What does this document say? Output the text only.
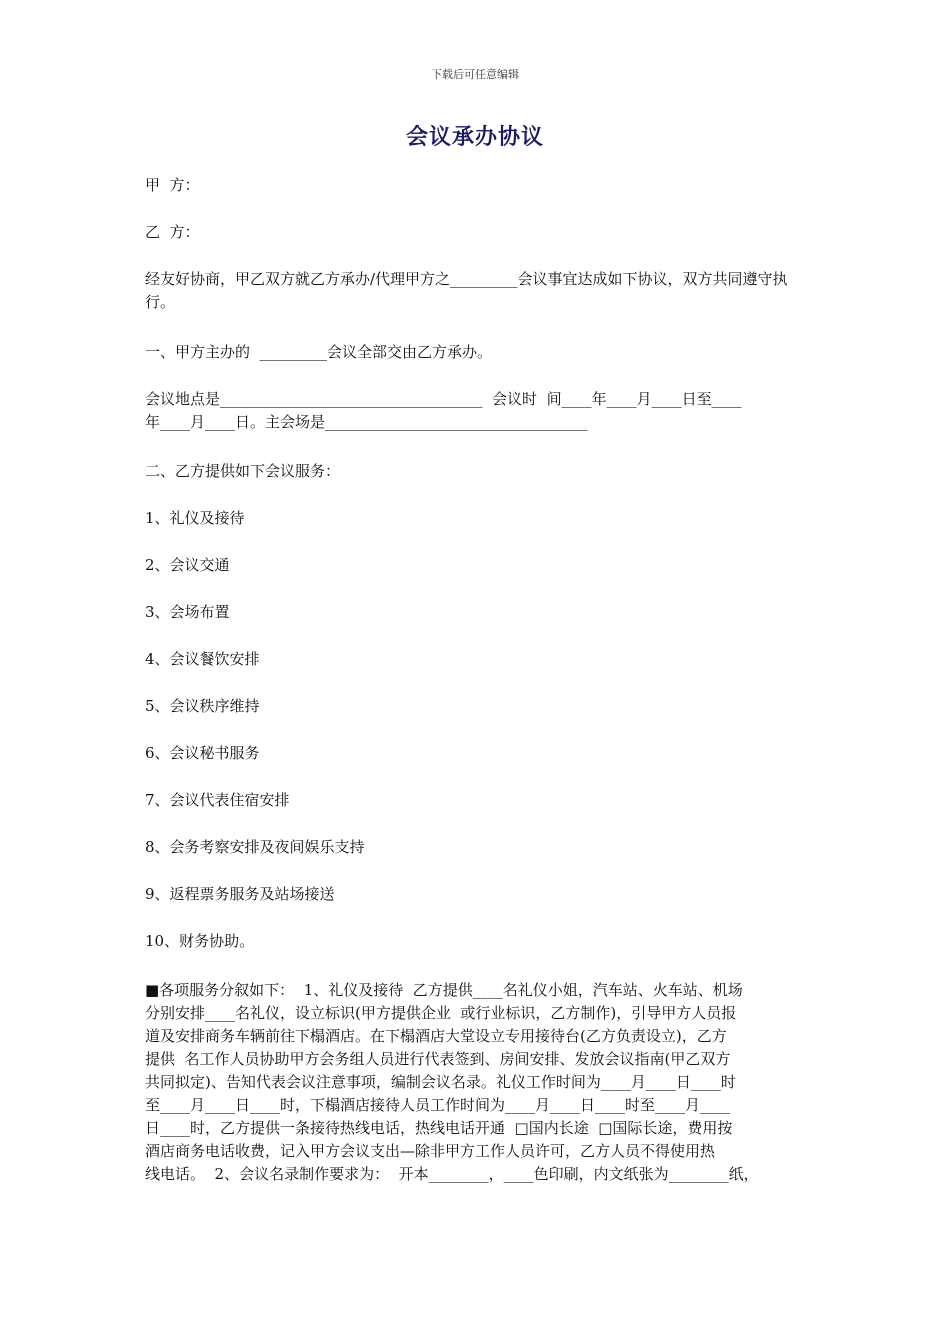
下载后可任意编辑
会议承办协议

甲  方：

乙  方：

经友好协商，甲乙双方就乙方承办/代理甲方之_________会议事宜达成如下协议，双方共同遵守执行。

一、甲方主办的  _________会议全部交由乙方承办。

会议地点是___________________________________  会议时  间____年____月____日至____

年____月____日。主会场是___________________________________

二、乙方提供如下会议服务：

1、礼仪及接待

2、会议交通

3、会场布置

4、会议餐饮安排

5、会议秩序维持

6、会议秘书服务

7、会议代表住宿安排

8、会务考察安排及夜间娱乐支持

9、返程票务服务及站场接送

10、财务协助。

■各项服务分叙如下：  1、礼仪及接待  乙方提供____名礼仪小姐，汽车站、火车站、机场

分别安排____名礼仪，设立标识(甲方提供企业  或行业标识，乙方制作)，引导甲方人员报

道及安排商务车辆前往下榻酒店。在下榻酒店大堂设立专用接待台(乙方负责设立)，乙方

提供  名工作人员协助甲方会务组人员进行代表签到、房间安排、发放会议指南(甲乙双方

共同拟定)、告知代表会议注意事项，编制会议名录。礼仪工作时间为____月____日____时

至____月____日____时，下榻酒店接待人员工作时间为____月____日____时至____月____

日____时，乙方提供一条接待热线电话，热线电话开通  □国内长途  □国际长途，费用按

酒店商务电话收费，记入甲方会议支出—除非甲方工作人员许可，乙方人员不得使用热

线电话。  2、会议名录制作要求为：  开本________，____色印刷，内文纸张为________纸，
